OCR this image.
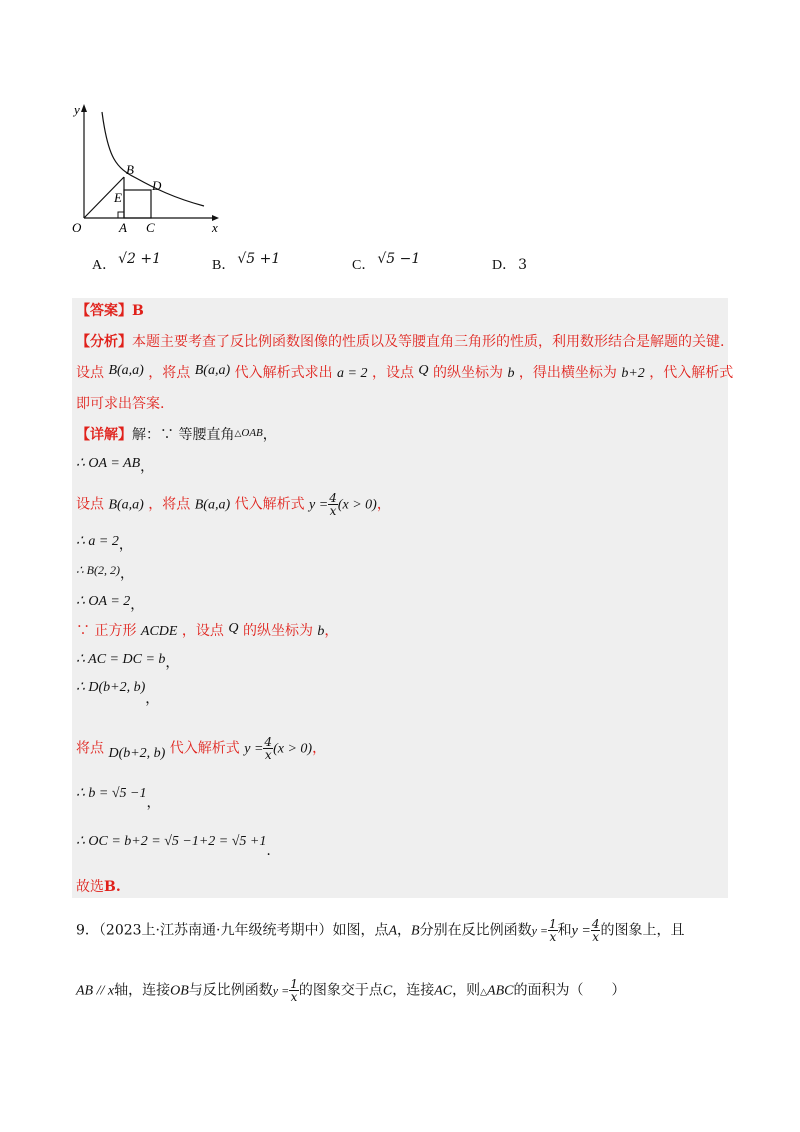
y
x
O
B
E
D
A C
A． √2 +1	B． √5 +1	C． √5 −1	D． 3
【答案】B
【分析】本题主要考查了反比例函数图像的性质以及等腰直角三角形的性质，利用数形结合是解题的关键.
设点 B(a,a) ，将点 B(a,a) 代入解析式求出 a = 2 ，设点 Q 的纵坐标为 b ，得出横坐标为 b+2 ，代入解析式
即可求出答案.
【详解】解：∵ 等腰直角$^{\triangle OAB}$，
∴ OA = AB，
设点 B(a,a) ，将点 B(a,a) 代入解析式 $y = \frac{4}{x} (x > 0)$，
∴ a = 2，
∴ B(2, 2)，
∴ OA = 2，
∵ 正方形 ACDE ，设点 Q 的纵坐标为 b，
∴ AC = DC = b，
∴ D(b+2, b)，
将点 D(b+2, b) 代入解析式 $y = \frac{4}{x} (x > 0)$，
∴ b = √5 −1，
∴ OC = b+2 = √5 −1+2 = √5 +1.
故选B.
9．（2023上·江苏南通·九年级统考期中）如图，点A，B分别在反比例函数$y = \frac{1}{x}$ 和$y = \frac{4}{x}$ 的图象上，且
AB // x轴，连接OB与反比例函数$y = \frac{1}{x}$ 的图象交于点C，连接AC，则△ABC的面积为（　　）
